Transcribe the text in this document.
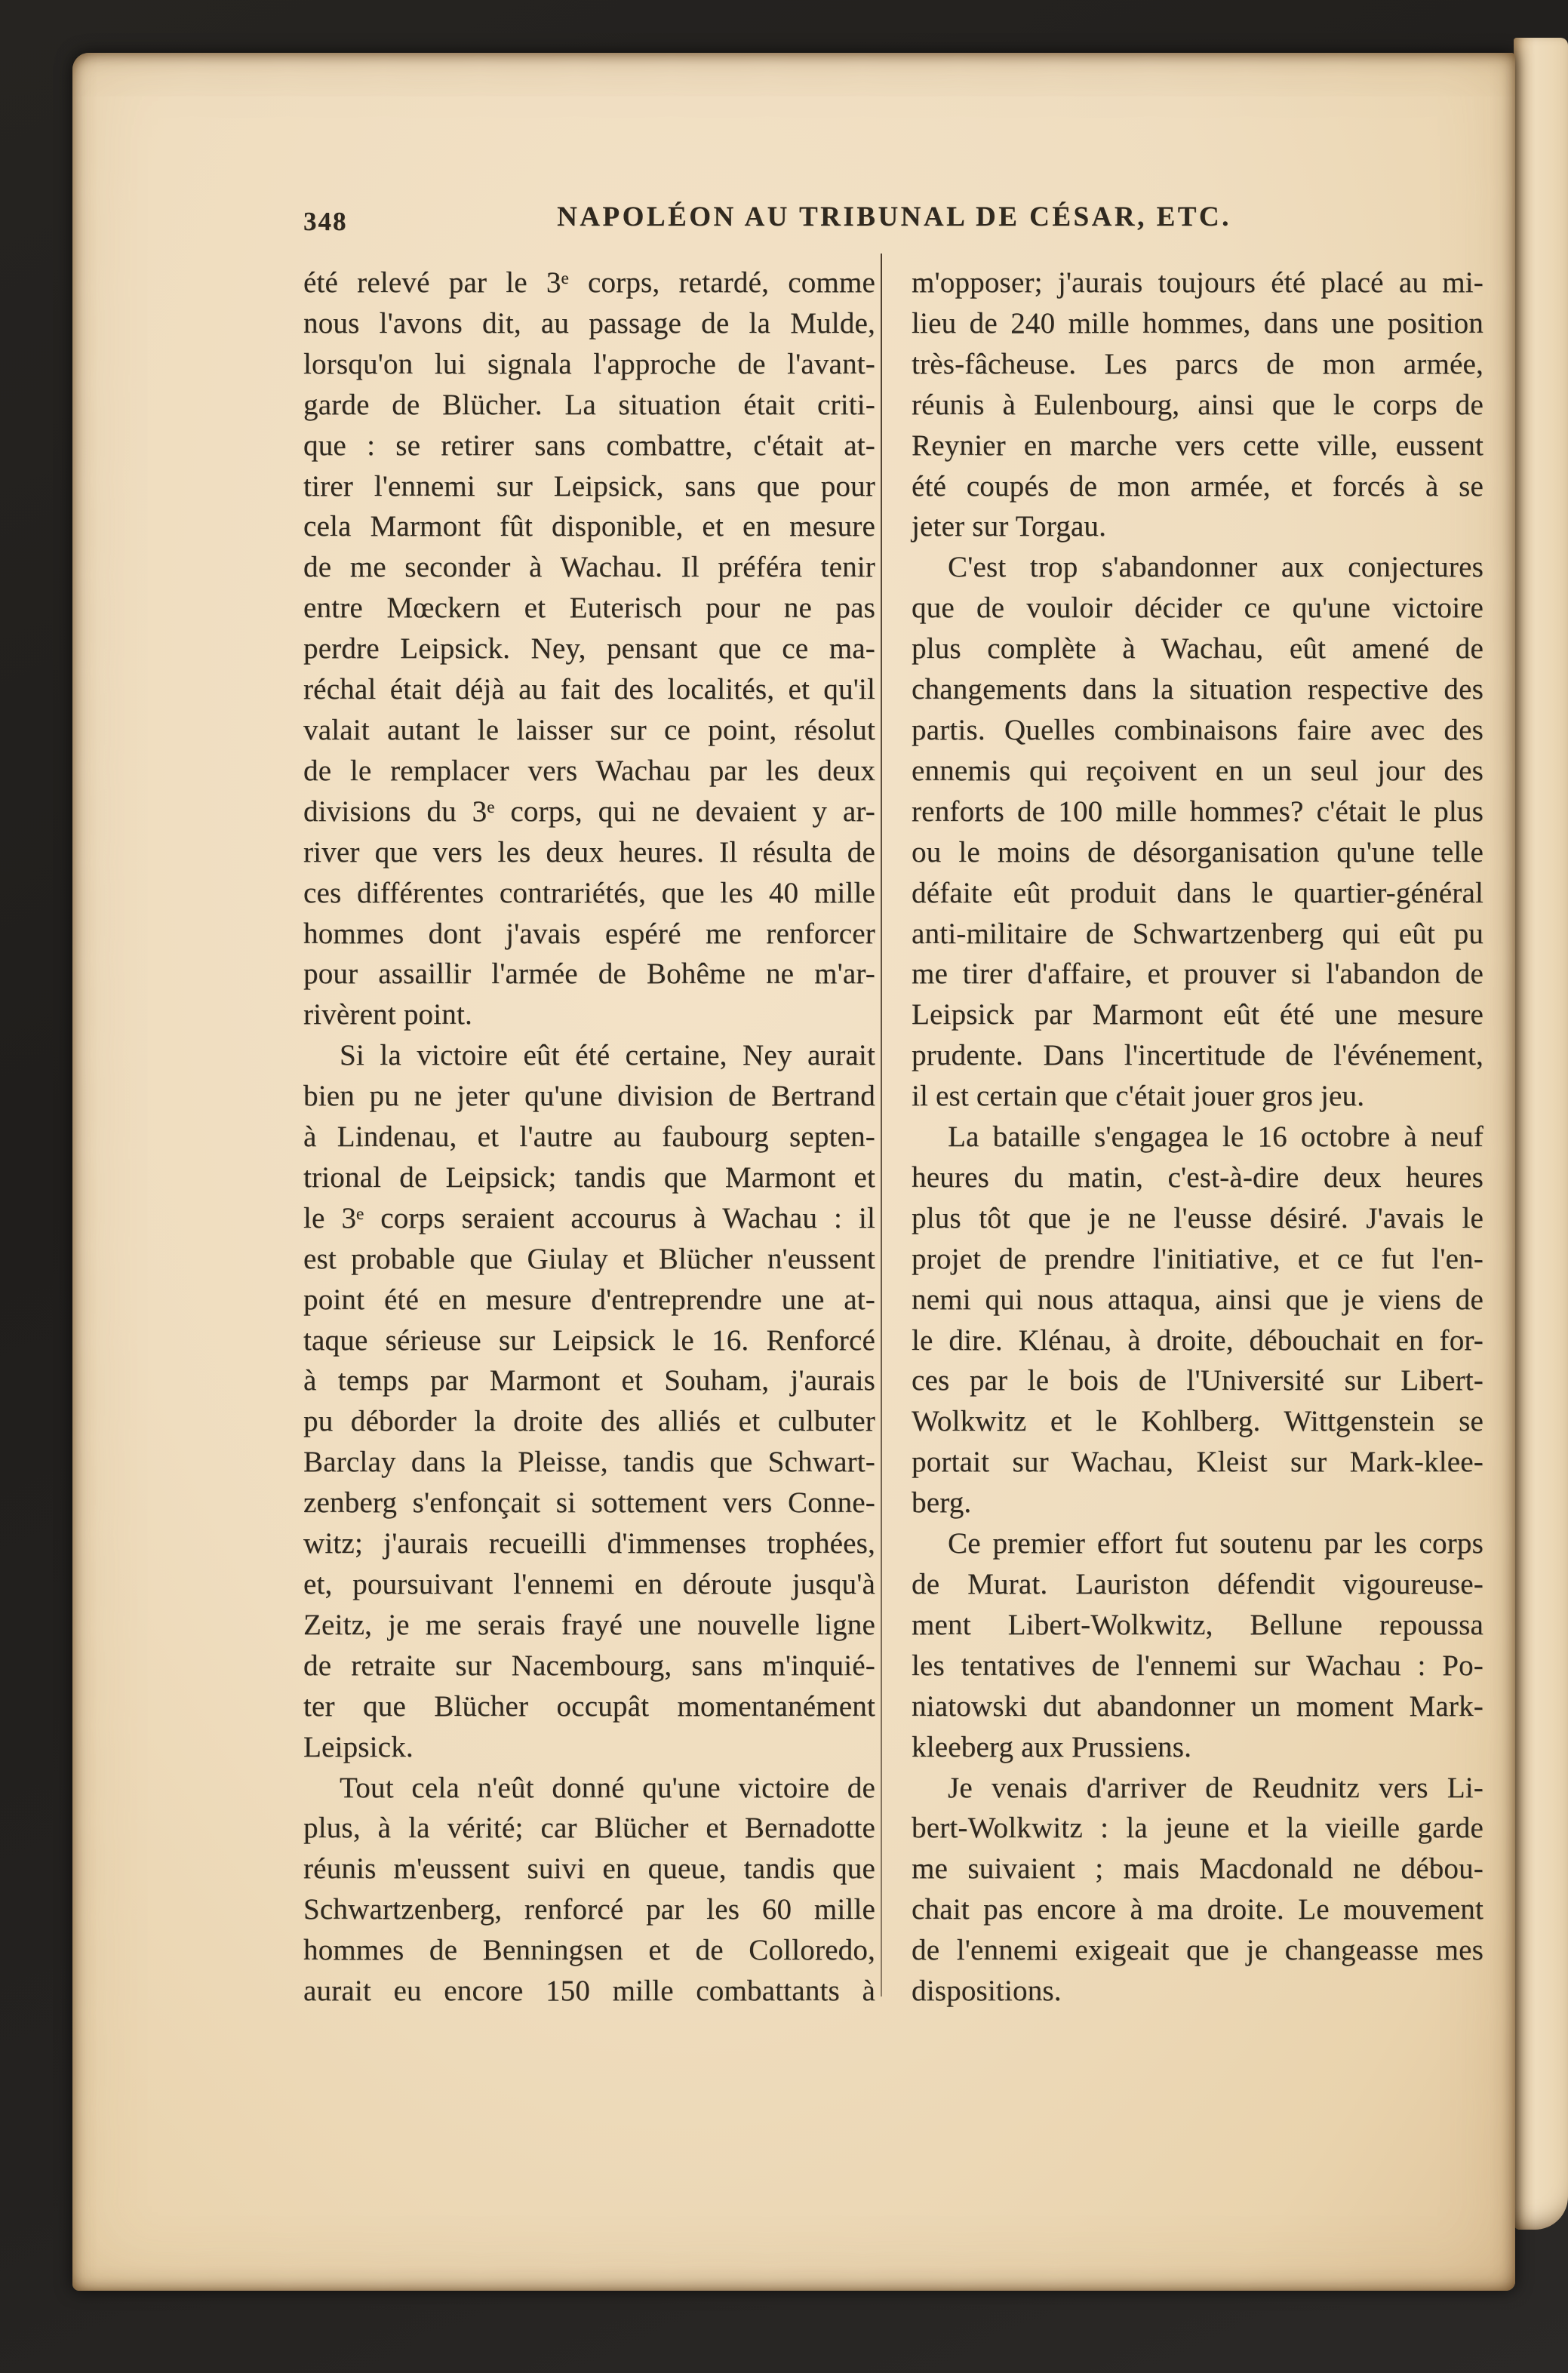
348	NAPOLÉON AU TRIBUNAL DE CÉSAR, ETC.
été relevé par le 3ᵉ corps, retardé, comme
nous l'avons dit, au passage de la Mulde,
lorsqu'on lui signala l'approche de l'avant-
garde de Blücher. La situation était criti-
que : se retirer sans combattre, c'était at-
tirer l'ennemi sur Leipsick, sans que pour
cela Marmont fût disponible, et en mesure
de me seconder à Wachau. Il préféra tenir
entre Mœckern et Euterisch pour ne pas
perdre Leipsick. Ney, pensant que ce ma-
réchal était déjà au fait des localités, et qu'il
valait autant le laisser sur ce point, résolut
de le remplacer vers Wachau par les deux
divisions du 3ᵉ corps, qui ne devaient y ar-
river que vers les deux heures. Il résulta de
ces différentes contrariétés, que les 40 mille
hommes dont j'avais espéré me renforcer
pour assaillir l'armée de Bohême ne m'ar-
rivèrent point.
Si la victoire eût été certaine, Ney aurait
bien pu ne jeter qu'une division de Bertrand
à Lindenau, et l'autre au faubourg septen-
trional de Leipsick; tandis que Marmont et
le 3ᵉ corps seraient accourus à Wachau : il
est probable que Giulay et Blücher n'eussent
point été en mesure d'entreprendre une at-
taque sérieuse sur Leipsick le 16. Renforcé
à temps par Marmont et Souham, j'aurais
pu déborder la droite des alliés et culbuter
Barclay dans la Pleisse, tandis que Schwart-
zenberg s'enfonçait si sottement vers Conne-
witz; j'aurais recueilli d'immenses trophées,
et, poursuivant l'ennemi en déroute jusqu'à
Zeitz, je me serais frayé une nouvelle ligne
de retraite sur Nacembourg, sans m'inquié-
ter que Blücher occupât momentanément
Leipsick.
Tout cela n'eût donné qu'une victoire de
plus, à la vérité; car Blücher et Bernadotte
réunis m'eussent suivi en queue, tandis que
Schwartzenberg, renforcé par les 60 mille
hommes de Benningsen et de Colloredo,
aurait eu encore 150 mille combattants à
m'opposer; j'aurais toujours été placé au mi-
lieu de 240 mille hommes, dans une position
très-fâcheuse. Les parcs de mon armée,
réunis à Eulenbourg, ainsi que le corps de
Reynier en marche vers cette ville, eussent
été coupés de mon armée, et forcés à se
jeter sur Torgau.
C'est trop s'abandonner aux conjectures
que de vouloir décider ce qu'une victoire
plus complète à Wachau, eût amené de
changements dans la situation respective des
partis. Quelles combinaisons faire avec des
ennemis qui reçoivent en un seul jour des
renforts de 100 mille hommes? c'était le plus
ou le moins de désorganisation qu'une telle
défaite eût produit dans le quartier-général
anti-militaire de Schwartzenberg qui eût pu
me tirer d'affaire, et prouver si l'abandon de
Leipsick par Marmont eût été une mesure
prudente. Dans l'incertitude de l'événement,
il est certain que c'était jouer gros jeu.
La bataille s'engagea le 16 octobre à neuf
heures du matin, c'est-à-dire deux heures
plus tôt que je ne l'eusse désiré. J'avais le
projet de prendre l'initiative, et ce fut l'en-
nemi qui nous attaqua, ainsi que je viens de
le dire. Klénau, à droite, débouchait en for-
ces par le bois de l'Université sur Libert-
Wolkwitz et le Kohlberg. Wittgenstein se
portait sur Wachau, Kleist sur Mark-klee-
berg.
Ce premier effort fut soutenu par les corps
de Murat. Lauriston défendit vigoureuse-
ment Libert-Wolkwitz, Bellune repoussa
les tentatives de l'ennemi sur Wachau : Po-
niatowski dut abandonner un moment Mark-
kleeberg aux Prussiens.
Je venais d'arriver de Reudnitz vers Li-
bert-Wolkwitz : la jeune et la vieille garde
me suivaient ; mais Macdonald ne débou-
chait pas encore à ma droite. Le mouvement
de l'ennemi exigeait que je changeasse mes
dispositions.
